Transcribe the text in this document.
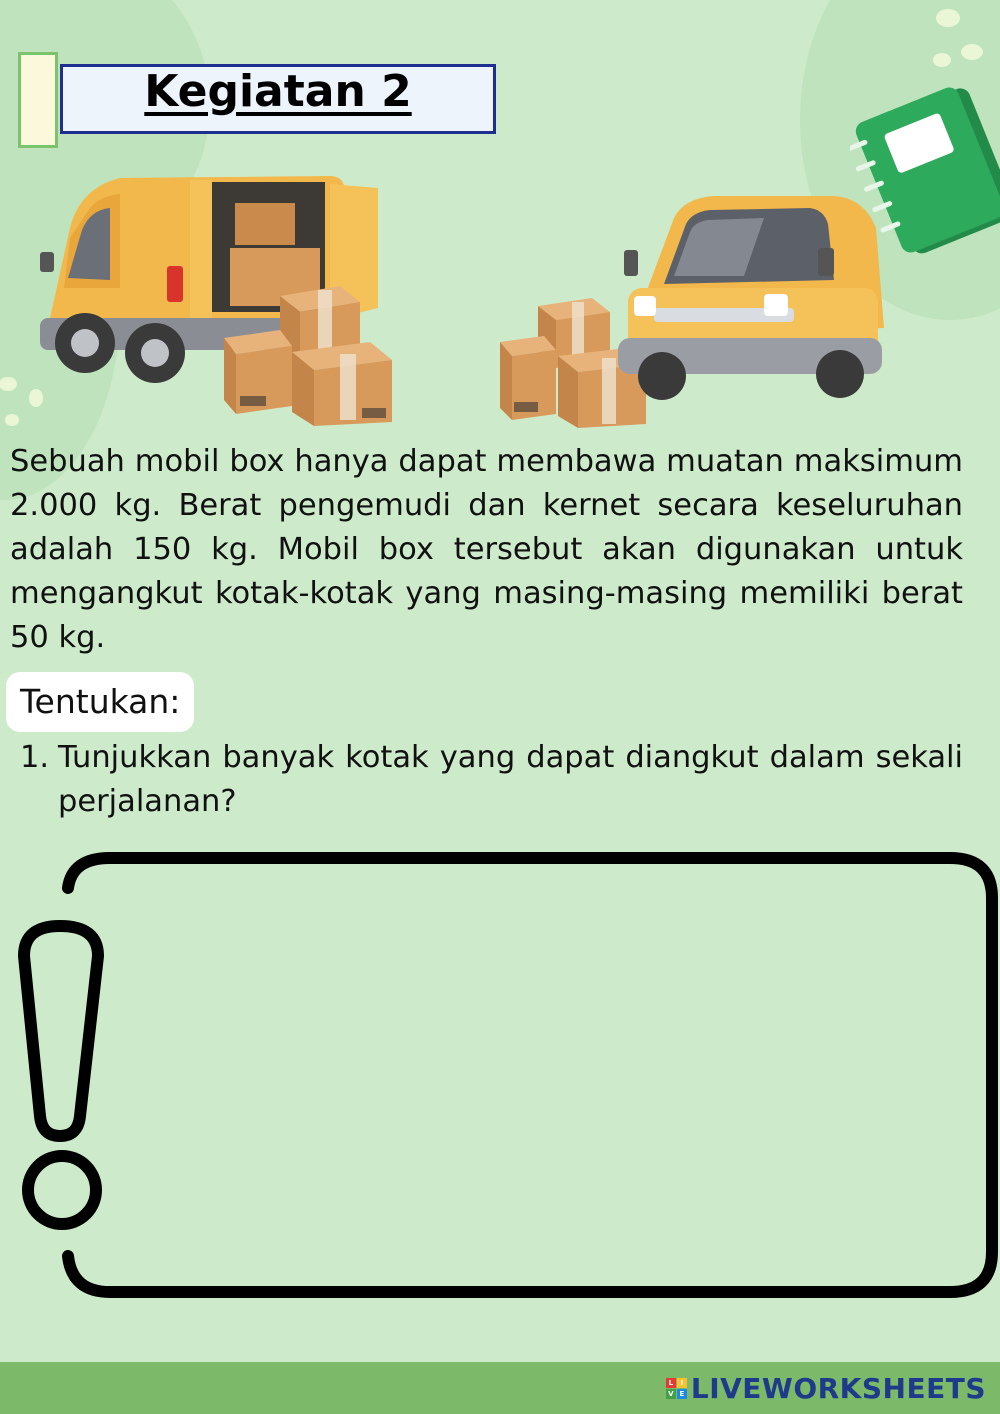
Kegiatan 2

Sebuah mobil box hanya dapat membawa muatan maksimum 2.000 kg. Berat pengemudi dan kernet secara keseluruhan adalah 150 kg. Mobil box tersebut akan digunakan untuk mengangkut kotak-kotak yang masing-masing memiliki berat 50 kg.

Tentukan:
1. Tunjukkan banyak kotak yang dapat diangkut dalam sekali perjalanan?
L	I
V E LIVEWORKSHEETS
